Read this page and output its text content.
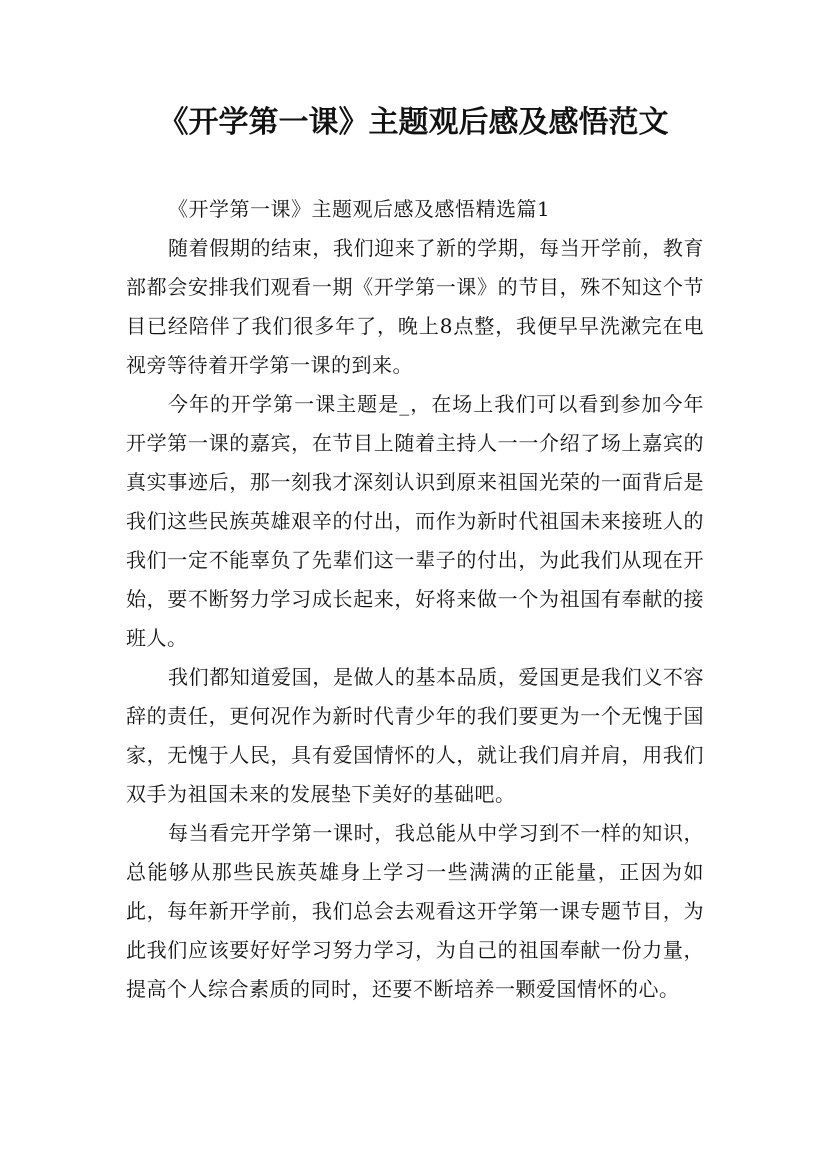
《开学第一课》主题观后感及感悟范文

《开学第一课》主题观后感及感悟精选篇1

随着假期的结束，我们迎来了新的学期，每当开学前，教育部都会安排我们观看一期《开学第一课》的节目，殊不知这个节目已经陪伴了我们很多年了，晚上8点整，我便早早洗漱完在电视旁等待着开学第一课的到来。

今年的开学第一课主题是_，在场上我们可以看到参加今年开学第一课的嘉宾，在节目上随着主持人一一介绍了场上嘉宾的真实事迹后，那一刻我才深刻认识到原来祖国光荣的一面背后是我们这些民族英雄艰辛的付出，而作为新时代祖国未来接班人的我们一定不能辜负了先辈们这一辈子的付出，为此我们从现在开始，要不断努力学习成长起来，好将来做一个为祖国有奉献的接班人。

我们都知道爱国，是做人的基本品质，爱国更是我们义不容辞的责任，更何况作为新时代青少年的我们要更为一个无愧于国家，无愧于人民，具有爱国情怀的人，就让我们肩并肩，用我们双手为祖国未来的发展垫下美好的基础吧。

每当看完开学第一课时，我总能从中学习到不一样的知识，总能够从那些民族英雄身上学习一些满满的正能量，正因为如此，每年新开学前，我们总会去观看这开学第一课专题节目，为此我们应该要好好学习努力学习，为自己的祖国奉献一份力量，提高个人综合素质的同时，还要不断培养一颗爱国情怀的心。
